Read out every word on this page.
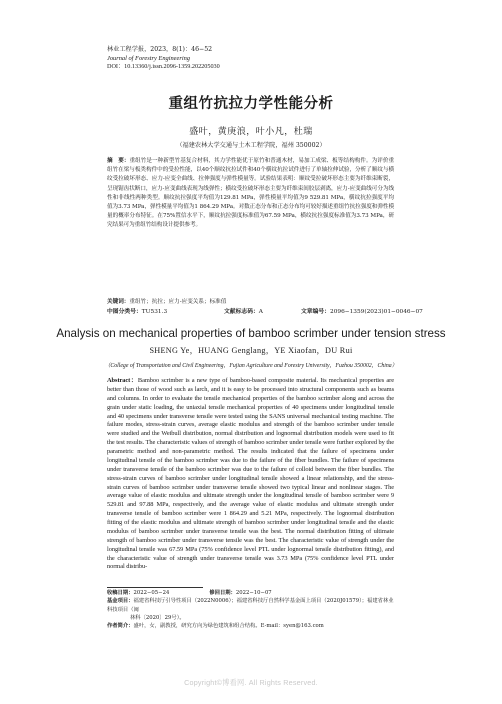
林业工程学报，2023，8(1)：46−52
Journal of Forestry Engineering
DOI：10.13360/j.issn.2096-1359.202205030
重组竹抗拉力学性能分析
盛叶，黄庚浪，叶小凡，杜瑞
（福建农林大学交通与土木工程学院，福州 350002）
摘　要：重组竹是一种新型竹基复合材料，其力学性能优于原竹和普通木材，易加工成梁、板等结构构件。为评价重组竹在梁与板类构件中的受拉性能，以40个顺纹抗拉试件和40个横纹抗拉试件进行了单轴拉伸试验，分析了顺纹与横纹受拉破坏形态、应力-应变全曲线、拉伸强度与弹性模量等。试验结果表明：顺纹受拉破坏形态主要为纤维束断裂，呈现锯齿状断口，应力-应变曲线表现为线弹性；横纹受拉破坏形态主要为纤维束间胶层剥离，应力-应变曲线可分为线性和非线性两种类型。顺纹抗拉强度平均值为129.81 MPa，弹性模量平均值为9 529.81 MPa，横纹抗拉强度平均值为3.73 MPa，弹性模量平均值为1 864.29 MPa。对数正态分布和正态分布均可较好描述重组竹抗拉强度和弹性模量的概率分布特征。在75%置信水平下，顺纹抗拉强度标准值为67.59 MPa，横纹抗拉强度标准值为3.73 MPa，研究结果可为重组竹结构设计提供参考。
关键词：重组竹；抗拉；应力-应变关系；标准值
中图分类号：TU531.3	文献标志码：A	文章编号：2096−1359(2023)01−0046−07
Analysis on mechanical properties of bamboo scrimber under tension stress
SHENG Ye，HUANG Genglang，YE Xiaofan，DU Rui
（College of Transportation and Civil Engineering，Fujian Agriculture and Forestry University，Fuzhou 350002，China）
Abstract：Bamboo scrimber is a new type of bamboo-based composite material. Its mechanical properties are better than those of wood such as larch, and it is easy to be processed into structural components such as beams and columns. In order to evaluate the tensile mechanical properties of the bamboo scrimber along and across the grain under static loading, the uniaxial tensile mechanical properties of 40 specimens under longitudinal tensile and 40 specimens under transverse tensile were tested using the SANS universal mechanical testing machine. The failure modes, stress-strain curves, average elastic modulus and strength of the bamboo scrimber under tensile were studied and the Weibull distribution, normal distribution and lognormal distribution models were used to fit the test results. The characteristic values of strength of bamboo scrimber under tensile were further explored by the parametric method and non-parametric method. The results indicated that the failure of specimens under longitudinal tensile of the bamboo scrimber was due to the failure of the fiber bundles. The failure of specimens under transverse tensile of the bamboo scrimber was due to the failure of colloid between the fiber bundles. The stress-strain curves of bamboo scrimber under longitudinal tensile showed a linear relationship, and the stress-strain curves of bamboo scrimber under transverse tensile showed two typical linear and nonlinear stages. The average value of elastic modulus and ultimate strength under the longitudinal tensile of bamboo scrimber were 9 529.81 and 97.88 MPa, respectively, and the average value of elastic modulus and ultimate strength under transverse tensile of bamboo scrimber were 1 864.29 and 5.21 MPa, respectively. The lognormal distribution fitting of the elastic modulus and ultimate strength of bamboo scrimber under longitudinal tensile and the elastic modulus of bamboo scrimber under transverse tensile was the best. The normal distribution fitting of ultimate strength of bamboo scrimber under transverse tensile was the best. The characteristic value of strength under the longitudinal tensile was 67.59 MPa (75% confidence level PTL under lognormal tensile distribution fitting), and the characteristic value of strength under transverse tensile was 3.73 MPa (75% confidence level PTL under normal distribu-
收稿日期：2022−05−24	修回日期：2022−10−07
基金项目：福建省科技厅引导性项目（2022N0006）；福建省科技厅自然科学基金面上项目（2020J01579）；福建省林业科技项目（闽
林科〔2020〕29号）。
作者简介：盛叶，女，副教授，研究方向为绿色建筑和组合结构。E-mail：syen@163.com
Copyright©博看网. All Rights Reserved.
